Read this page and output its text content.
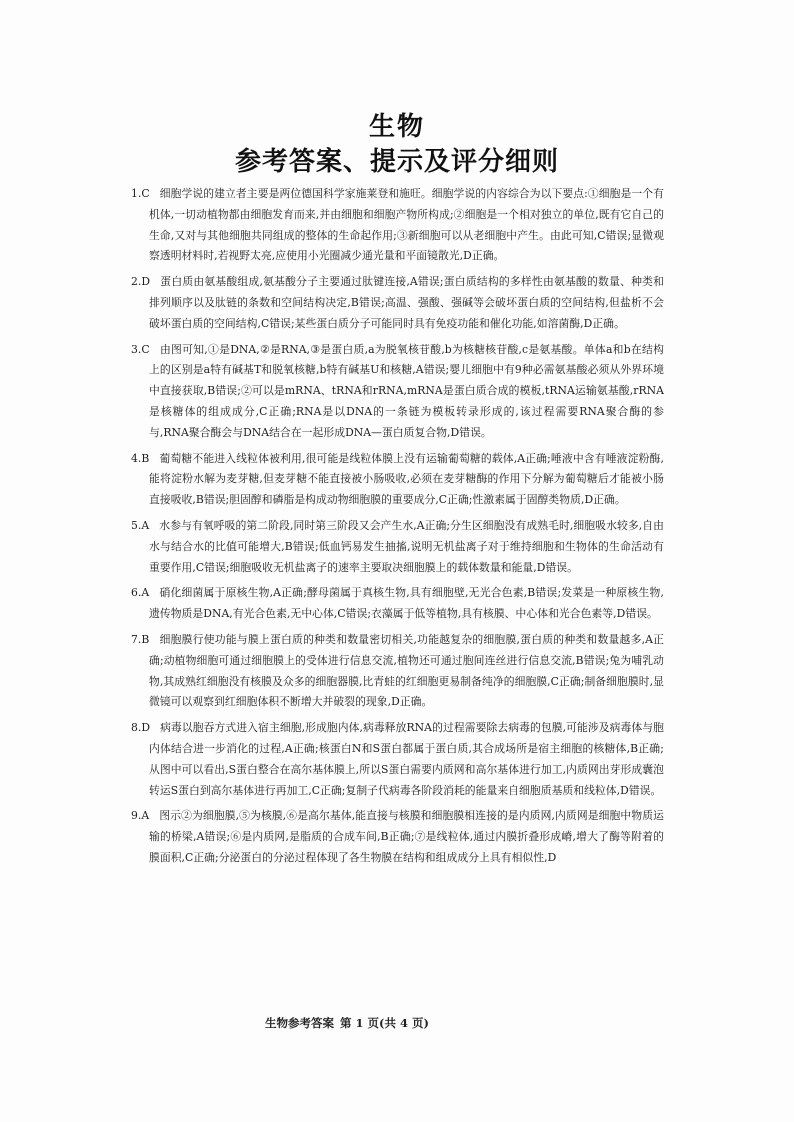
生物
参考答案、提示及评分细则

1.C 细胞学说的建立者主要是两位德国科学家施莱登和施旺。细胞学说的内容综合为以下要点:①细胞是一个有机体,一切动植物都由细胞发育而来,并由细胞和细胞产物所构成;②细胞是一个相对独立的单位,既有它自己的生命,又对与其他细胞共同组成的整体的生命起作用;③新细胞可以从老细胞中产生。由此可知,C错误;显微观察透明材料时,若视野太亮,应使用小光圈减少通光量和平面镜散光,D正确。

2.D 蛋白质由氨基酸组成,氨基酸分子主要通过肽键连接,A错误;蛋白质结构的多样性由氨基酸的数量、种类和排列顺序以及肽链的条数和空间结构决定,B错误;高温、强酸、强碱等会破坏蛋白质的空间结构,但盐析不会破坏蛋白质的空间结构,C错误;某些蛋白质分子可能同时具有免疫功能和催化功能,如溶菌酶,D正确。

3.C 由图可知,①是DNA,②是RNA,③是蛋白质,a为脱氧核苷酸,b为核糖核苷酸,c是氨基酸。单体a和b在结构上的区别是a特有碱基T和脱氧核糖,b特有碱基U和核糖,A错误;婴儿细胞中有9种必需氨基酸必须从外界环境中直接获取,B错误;②可以是mRNA、tRNA和rRNA,mRNA是蛋白质合成的模板,tRNA运输氨基酸,rRNA是核糖体的组成成分,C正确;RNA是以DNA的一条链为模板转录形成的,该过程需要RNA聚合酶的参与,RNA聚合酶会与DNA结合在一起形成DNA—蛋白质复合物,D错误。

4.B 葡萄糖不能进入线粒体被利用,很可能是线粒体膜上没有运输葡萄糖的载体,A正确;唾液中含有唾液淀粉酶,能将淀粉水解为麦芽糖,但麦芽糖不能直接被小肠吸收,必须在麦芽糖酶的作用下分解为葡萄糖后才能被小肠直接吸收,B错误;胆固醇和磷脂是构成动物细胞膜的重要成分,C正确;性激素属于固醇类物质,D正确。

5.A 水参与有氧呼吸的第二阶段,同时第三阶段又会产生水,A正确;分生区细胞没有成熟毛时,细胞吸水较多,自由水与结合水的比值可能增大,B错误;低血钙易发生抽搐,说明无机盐离子对于维持细胞和生物体的生命活动有重要作用,C错误;细胞吸收无机盐离子的速率主要取决细胞膜上的载体数量和能量,D错误。

6.A 硝化细菌属于原核生物,A正确;酵母菌属于真核生物,具有细胞壁,无光合色素,B错误;发菜是一种原核生物,遗传物质是DNA,有光合色素,无中心体,C错误;衣藻属于低等植物,具有核膜、中心体和光合色素等,D错误。

7.B 细胞膜行使功能与膜上蛋白质的种类和数量密切相关,功能越复杂的细胞膜,蛋白质的种类和数量越多,A正确;动植物细胞可通过细胞膜上的受体进行信息交流,植物还可通过胞间连丝进行信息交流,B错误;兔为哺乳动物,其成熟红细胞没有核膜及众多的细胞器膜,比青蛙的红细胞更易制备纯净的细胞膜,C正确;制备细胞膜时,显微镜可以观察到红细胞体积不断增大并破裂的现象,D正确。

8.D 病毒以胞吞方式进入宿主细胞,形成胞内体,病毒释放RNA的过程需要除去病毒的包膜,可能涉及病毒体与胞内体结合进一步消化的过程,A正确;核蛋白N和S蛋白都属于蛋白质,其合成场所是宿主细胞的核糖体,B正确;从图中可以看出,S蛋白整合在高尔基体膜上,所以S蛋白需要内质网和高尔基体进行加工,内质网出芽形成囊泡转运S蛋白到高尔基体进行再加工,C正确;复制子代病毒各阶段消耗的能量来自细胞质基质和线粒体,D错误。

9.A 图示②为细胞膜,⑤为核膜,⑥是高尔基体,能直接与核膜和细胞膜相连接的是内质网,内质网是细胞中物质运输的桥梁,A错误;⑥是内质网,是脂质的合成车间,B正确;⑦是线粒体,通过内膜折叠形成嵴,增大了酶等附着的膜面积,C正确;分泌蛋白的分泌过程体现了各生物膜在结构和组成成分上具有相似性,D

生物参考答案 第 1 页(共 4 页)
